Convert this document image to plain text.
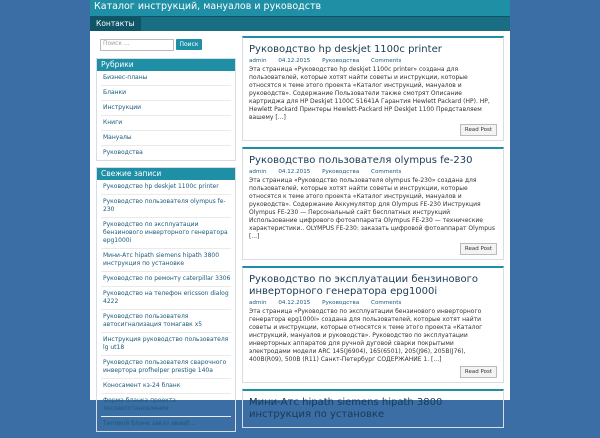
Каталог инструкций, мануалов и руководств
Контакты
Поиск ...	Поиск
Рубрики
Бизнес-планы
Бланки
Инструкции
Книги
Мануалы
Руководства
Свежие записи
Руководство hp deskjet 1100c printer
Руководство пользователя olympus fe-230
Руководство по эксплуатации бензинового инверторного генератора epg1000i
Мини-Атс hipath siemens hipath 3800 инструкция по установке
Руководство по ремонту caterpillar 3306
Руководство на телефон ericsson dialog 4222
Руководство пользователя автосигнализация томагавк х5
Инструкция руководство пользователя lg ut18
Руководство пользователя сварочного инвертора profhelper prestige 140а
Коносамент кз-24 бланк
Форма бланка проекта лесовосстановления
Типовой бланк заказ авиаб...
Руководство hp deskjet 1100c printer
admin 04.12.2015 Руководства Comments
Эта страница «Руководство hp deskjet 1100c printer» создана для пользователей, которые хотят найти советы и инструкции, которые относятся к теме этого проекта «Каталог инструкций, мануалов и руководств». Содержание Пользователи также смотрят Описание картриджа для HP Deskjet 1100C 51641A Гарантия Hewlett Packard (HP). HP, Hewlett Packard Принтеры Hewlett-Packard HP DeskJet 1100 Представляем вашему [...]
Read Post
Руководство пользователя olympus fe-230
admin 04.12.2015 Руководства Comments
Эта страница «Руководство пользователя olympus fe-230» создана для пользователей, которые хотят найти советы и инструкции, которые относятся к теме этого проекта «Каталог инструкций, мануалов и руководств». Содержание Аккумулятор для Olympus FE-230 Инструкция Olympus FE-230 — Персональный сайт бесплатных инструкций Использование цифрового фотоаппарата Olympus FE-230 — технические характеристики.. OLYMPUS FE-230: заказать цифровой фотоаппарат Olympus [...]
Read Post
Руководство по эксплуатации бензинового инверторного генератора epg1000i
admin 04.12.2015 Руководства Comments
Эта страница «Руководство по эксплуатации бензинового инверторного генератора epg1000i» создана для пользователей, которые хотят найти советы и инструкции, которые относятся к теме этого проекта «Каталог инструкций, мануалов и руководств». Руководство по эксплуатации инверторных аппаратов для ручной дуговой сварки покрытыми электродами модели ARC 145(J6904), 165(6501), 205(J96), 205B(J76), 400B(R09), 500B (R11) Санкт-Петербург СОДЕРЖАНИЕ 1. [...]
Read Post
Мини-Атс hipath siemens hipath 3800 инструкция по установке
